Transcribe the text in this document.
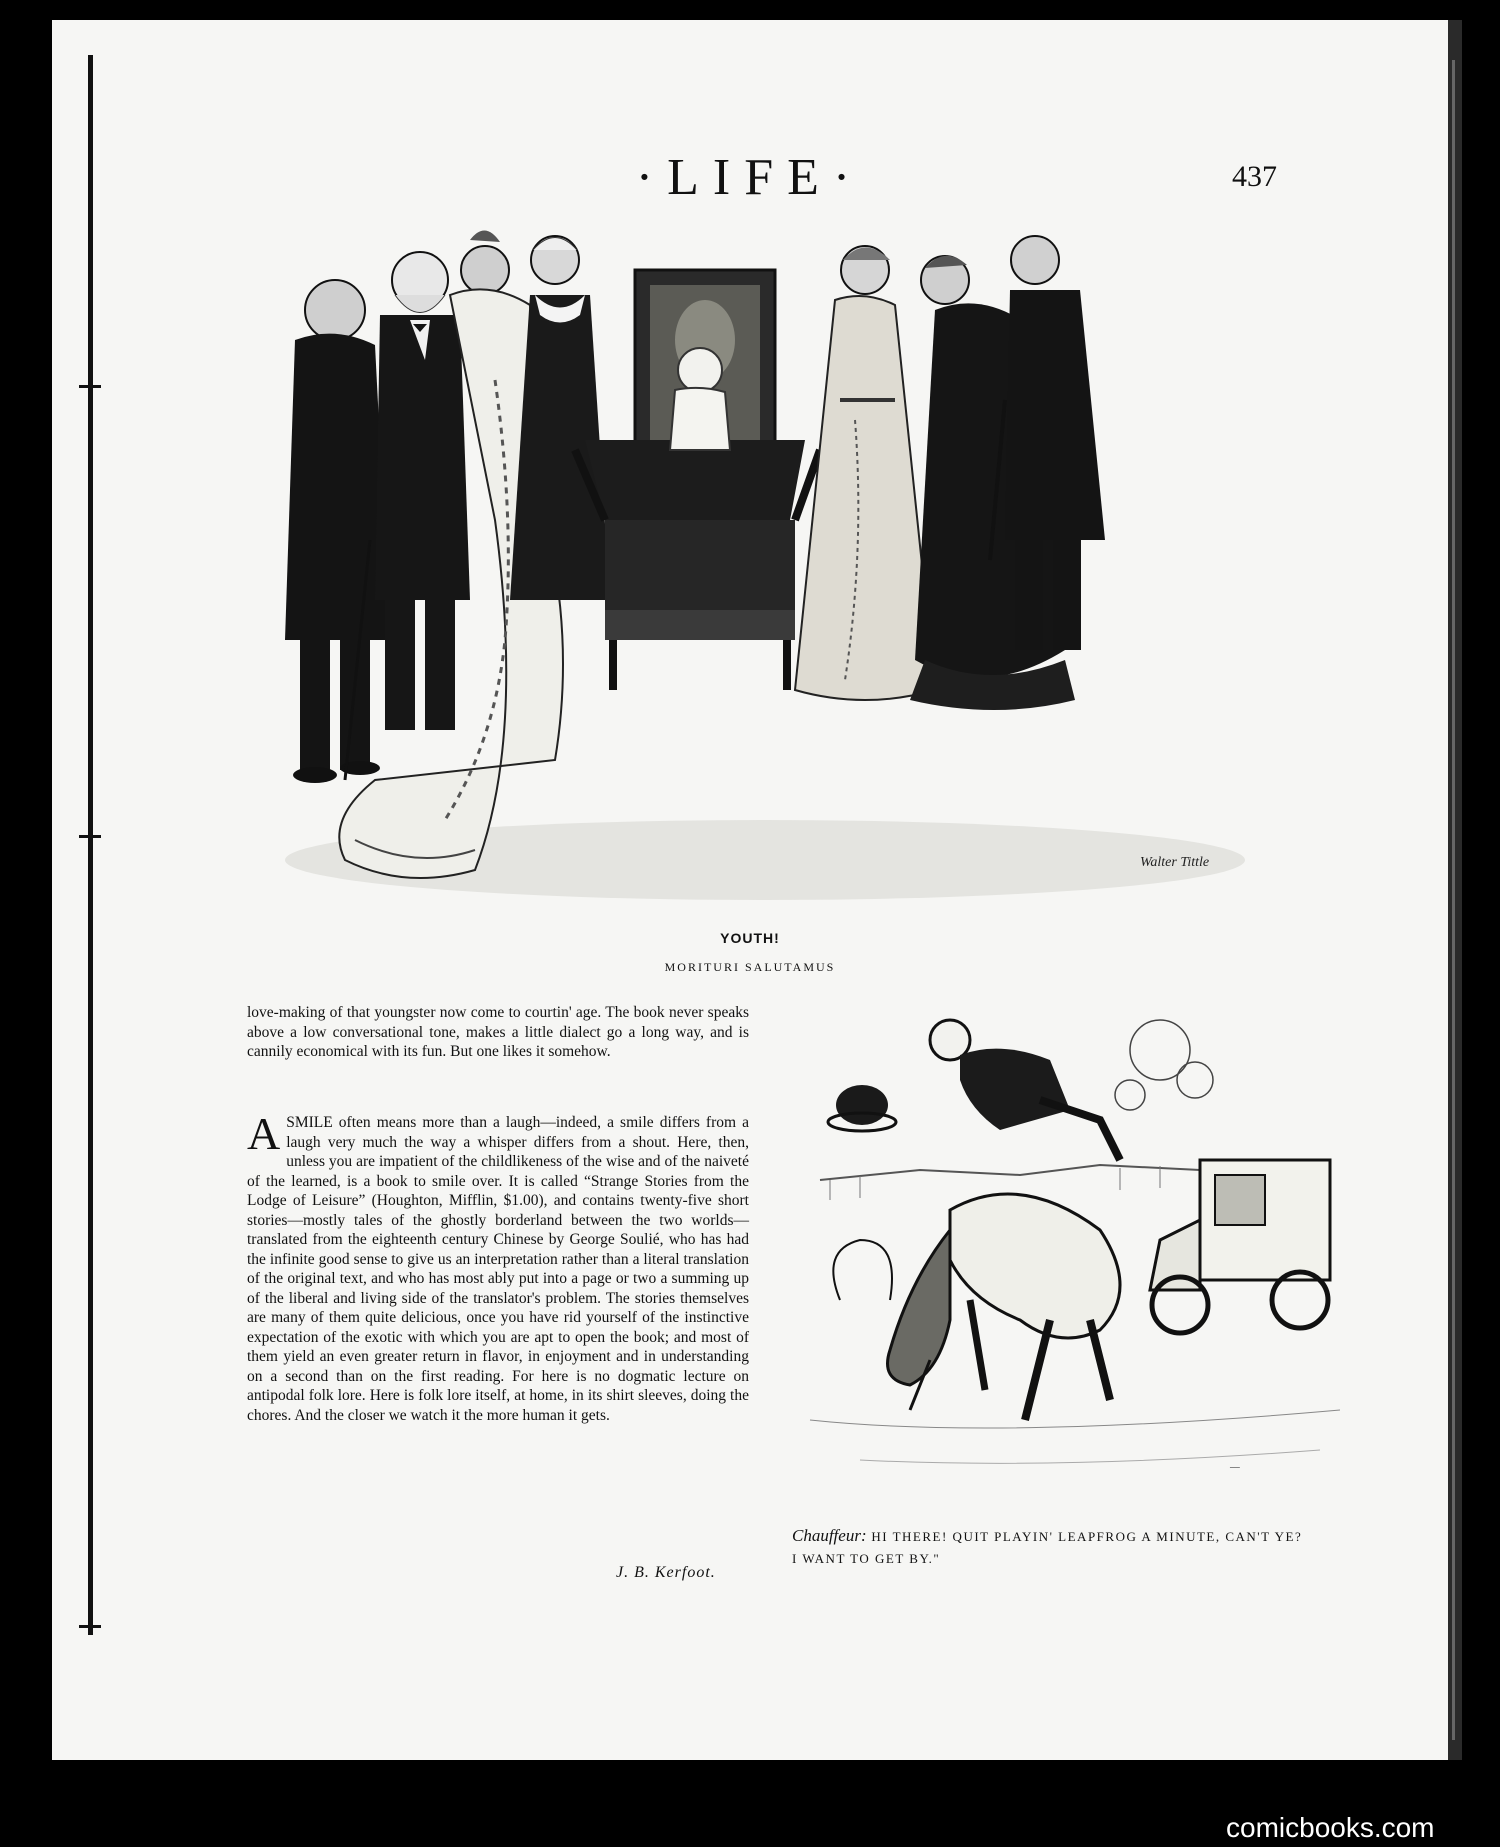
·LIFE·	437
Walter Tittle
YOUTH!
MORITURI SALUTAMUS

love-making of that youngster now come to courtin' age. The book never speaks above a low conversational tone, makes a little dialect go a long way, and is cannily economical with its fun. But one likes it somehow.

A SMILE often means more than a laugh—indeed, a smile differs from a laugh very much the way a whisper differs from a shout. Here, then, unless you are impatient of the childlikeness of the wise and of the naiveté of the learned, is a book to smile over. It is called “Strange Stories from the Lodge of Leisure” (Houghton, Mifflin, $1.00), and contains twenty-five short stories—mostly tales of the ghostly borderland between the two worlds—translated from the eighteenth century Chinese by George Soulié, who has had the infinite good sense to give us an interpretation rather than a literal translation of the original text, and who has most ably put into a page or two a summing up of the liberal and living side of the translator's problem. The stories themselves are many of them quite delicious, once you have rid yourself of the instinctive expectation of the exotic with which you are apt to open the book; and most of them yield an even greater return in flavor, in enjoyment and in understanding on a second than on the first reading. For here is no dogmatic lecture on antipodal folk lore. Here is folk lore itself, at home, in its shirt sleeves, doing the chores. And the closer we watch it the more human it gets.

J. B. Kerfoot.
—
Chauffeur: HI THERE! QUIT PLAYIN' LEAPFROG A MINUTE, CAN'T YE? I WANT TO GET BY."
comicbooks.com
